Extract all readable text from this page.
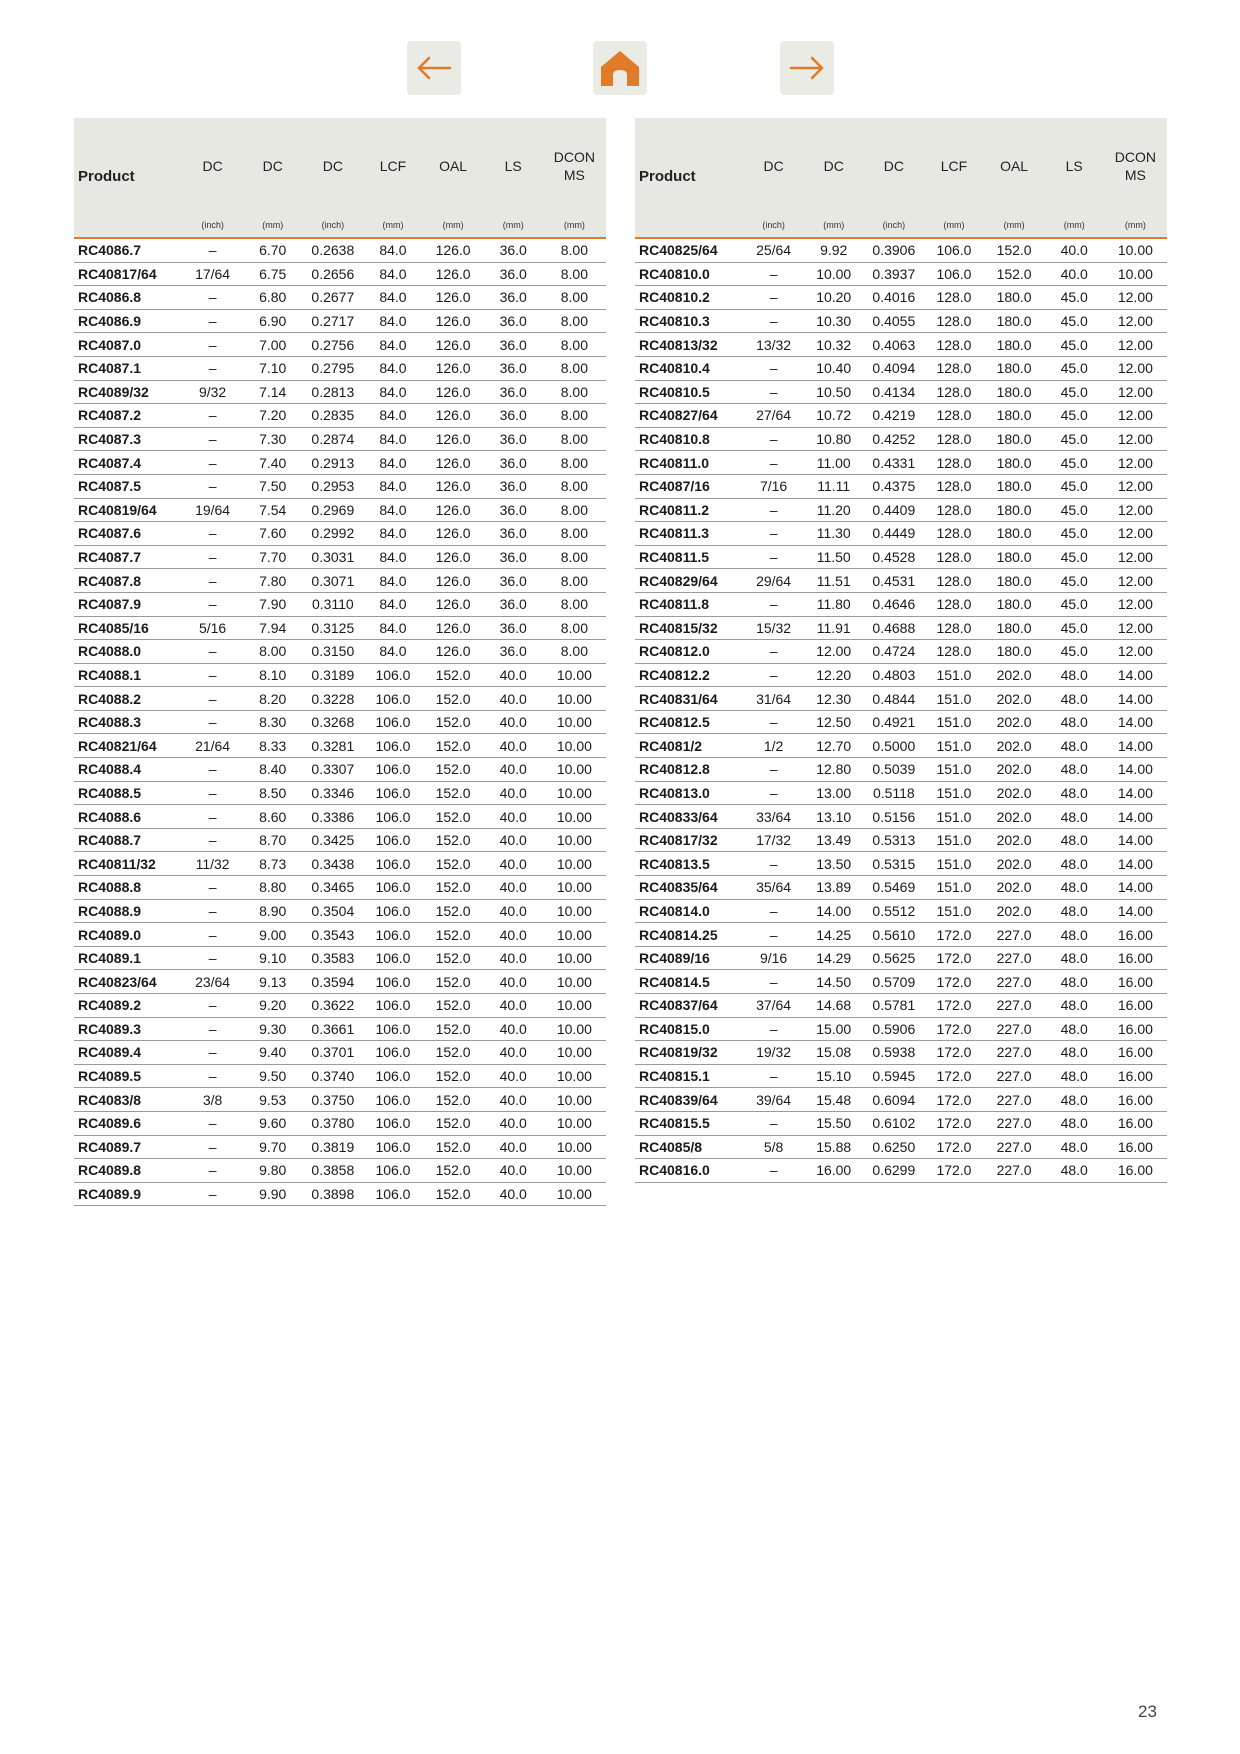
Product	DC	DC	DC	LCF	OAL	LS	DCON
MS
	(inch)	(mm)	(inch)	(mm)	(mm)	(mm)	(mm)
RC4086.7	–	6.70	0.2638	84.0	126.0	36.0	8.00
RC40817/64	17/64	6.75	0.2656	84.0	126.0	36.0	8.00
RC4086.8	–	6.80	0.2677	84.0	126.0	36.0	8.00
RC4086.9	–	6.90	0.2717	84.0	126.0	36.0	8.00
RC4087.0	–	7.00	0.2756	84.0	126.0	36.0	8.00
RC4087.1	–	7.10	0.2795	84.0	126.0	36.0	8.00
RC4089/32	9/32	7.14	0.2813	84.0	126.0	36.0	8.00
RC4087.2	–	7.20	0.2835	84.0	126.0	36.0	8.00
RC4087.3	–	7.30	0.2874	84.0	126.0	36.0	8.00
RC4087.4	–	7.40	0.2913	84.0	126.0	36.0	8.00
RC4087.5	–	7.50	0.2953	84.0	126.0	36.0	8.00
RC40819/64	19/64	7.54	0.2969	84.0	126.0	36.0	8.00
RC4087.6	–	7.60	0.2992	84.0	126.0	36.0	8.00
RC4087.7	–	7.70	0.3031	84.0	126.0	36.0	8.00
RC4087.8	–	7.80	0.3071	84.0	126.0	36.0	8.00
RC4087.9	–	7.90	0.3110	84.0	126.0	36.0	8.00
RC4085/16	5/16	7.94	0.3125	84.0	126.0	36.0	8.00
RC4088.0	–	8.00	0.3150	84.0	126.0	36.0	8.00
RC4088.1	–	8.10	0.3189	106.0	152.0	40.0	10.00
RC4088.2	–	8.20	0.3228	106.0	152.0	40.0	10.00
RC4088.3	–	8.30	0.3268	106.0	152.0	40.0	10.00
RC40821/64	21/64	8.33	0.3281	106.0	152.0	40.0	10.00
RC4088.4	–	8.40	0.3307	106.0	152.0	40.0	10.00
RC4088.5	–	8.50	0.3346	106.0	152.0	40.0	10.00
RC4088.6	–	8.60	0.3386	106.0	152.0	40.0	10.00
RC4088.7	–	8.70	0.3425	106.0	152.0	40.0	10.00
RC40811/32	11/32	8.73	0.3438	106.0	152.0	40.0	10.00
RC4088.8	–	8.80	0.3465	106.0	152.0	40.0	10.00
RC4088.9	–	8.90	0.3504	106.0	152.0	40.0	10.00
RC4089.0	–	9.00	0.3543	106.0	152.0	40.0	10.00
RC4089.1	–	9.10	0.3583	106.0	152.0	40.0	10.00
RC40823/64	23/64	9.13	0.3594	106.0	152.0	40.0	10.00
RC4089.2	–	9.20	0.3622	106.0	152.0	40.0	10.00
RC4089.3	–	9.30	0.3661	106.0	152.0	40.0	10.00
RC4089.4	–	9.40	0.3701	106.0	152.0	40.0	10.00
RC4089.5	–	9.50	0.3740	106.0	152.0	40.0	10.00
RC4083/8	3/8	9.53	0.3750	106.0	152.0	40.0	10.00
RC4089.6	–	9.60	0.3780	106.0	152.0	40.0	10.00
RC4089.7	–	9.70	0.3819	106.0	152.0	40.0	10.00
RC4089.8	–	9.80	0.3858	106.0	152.0	40.0	10.00
RC4089.9	–	9.90	0.3898	106.0	152.0	40.0	10.00
Product	DC	DC	DC	LCF	OAL	LS	DCON
MS
	(inch)	(mm)	(inch)	(mm)	(mm)	(mm)	(mm)
RC40825/64	25/64	9.92	0.3906	106.0	152.0	40.0	10.00
RC40810.0	–	10.00	0.3937	106.0	152.0	40.0	10.00
RC40810.2	–	10.20	0.4016	128.0	180.0	45.0	12.00
RC40810.3	–	10.30	0.4055	128.0	180.0	45.0	12.00
RC40813/32	13/32	10.32	0.4063	128.0	180.0	45.0	12.00
RC40810.4	–	10.40	0.4094	128.0	180.0	45.0	12.00
RC40810.5	–	10.50	0.4134	128.0	180.0	45.0	12.00
RC40827/64	27/64	10.72	0.4219	128.0	180.0	45.0	12.00
RC40810.8	–	10.80	0.4252	128.0	180.0	45.0	12.00
RC40811.0	–	11.00	0.4331	128.0	180.0	45.0	12.00
RC4087/16	7/16	11.11	0.4375	128.0	180.0	45.0	12.00
RC40811.2	–	11.20	0.4409	128.0	180.0	45.0	12.00
RC40811.3	–	11.30	0.4449	128.0	180.0	45.0	12.00
RC40811.5	–	11.50	0.4528	128.0	180.0	45.0	12.00
RC40829/64	29/64	11.51	0.4531	128.0	180.0	45.0	12.00
RC40811.8	–	11.80	0.4646	128.0	180.0	45.0	12.00
RC40815/32	15/32	11.91	0.4688	128.0	180.0	45.0	12.00
RC40812.0	–	12.00	0.4724	128.0	180.0	45.0	12.00
RC40812.2	–	12.20	0.4803	151.0	202.0	48.0	14.00
RC40831/64	31/64	12.30	0.4844	151.0	202.0	48.0	14.00
RC40812.5	–	12.50	0.4921	151.0	202.0	48.0	14.00
RC4081/2	1/2	12.70	0.5000	151.0	202.0	48.0	14.00
RC40812.8	–	12.80	0.5039	151.0	202.0	48.0	14.00
RC40813.0	–	13.00	0.5118	151.0	202.0	48.0	14.00
RC40833/64	33/64	13.10	0.5156	151.0	202.0	48.0	14.00
RC40817/32	17/32	13.49	0.5313	151.0	202.0	48.0	14.00
RC40813.5	–	13.50	0.5315	151.0	202.0	48.0	14.00
RC40835/64	35/64	13.89	0.5469	151.0	202.0	48.0	14.00
RC40814.0	–	14.00	0.5512	151.0	202.0	48.0	14.00
RC40814.25	–	14.25	0.5610	172.0	227.0	48.0	16.00
RC4089/16	9/16	14.29	0.5625	172.0	227.0	48.0	16.00
RC40814.5	–	14.50	0.5709	172.0	227.0	48.0	16.00
RC40837/64	37/64	14.68	0.5781	172.0	227.0	48.0	16.00
RC40815.0	–	15.00	0.5906	172.0	227.0	48.0	16.00
RC40819/32	19/32	15.08	0.5938	172.0	227.0	48.0	16.00
RC40815.1	–	15.10	0.5945	172.0	227.0	48.0	16.00
RC40839/64	39/64	15.48	0.6094	172.0	227.0	48.0	16.00
RC40815.5	–	15.50	0.6102	172.0	227.0	48.0	16.00
RC4085/8	5/8	15.88	0.6250	172.0	227.0	48.0	16.00
RC40816.0	–	16.00	0.6299	172.0	227.0	48.0	16.00
23
